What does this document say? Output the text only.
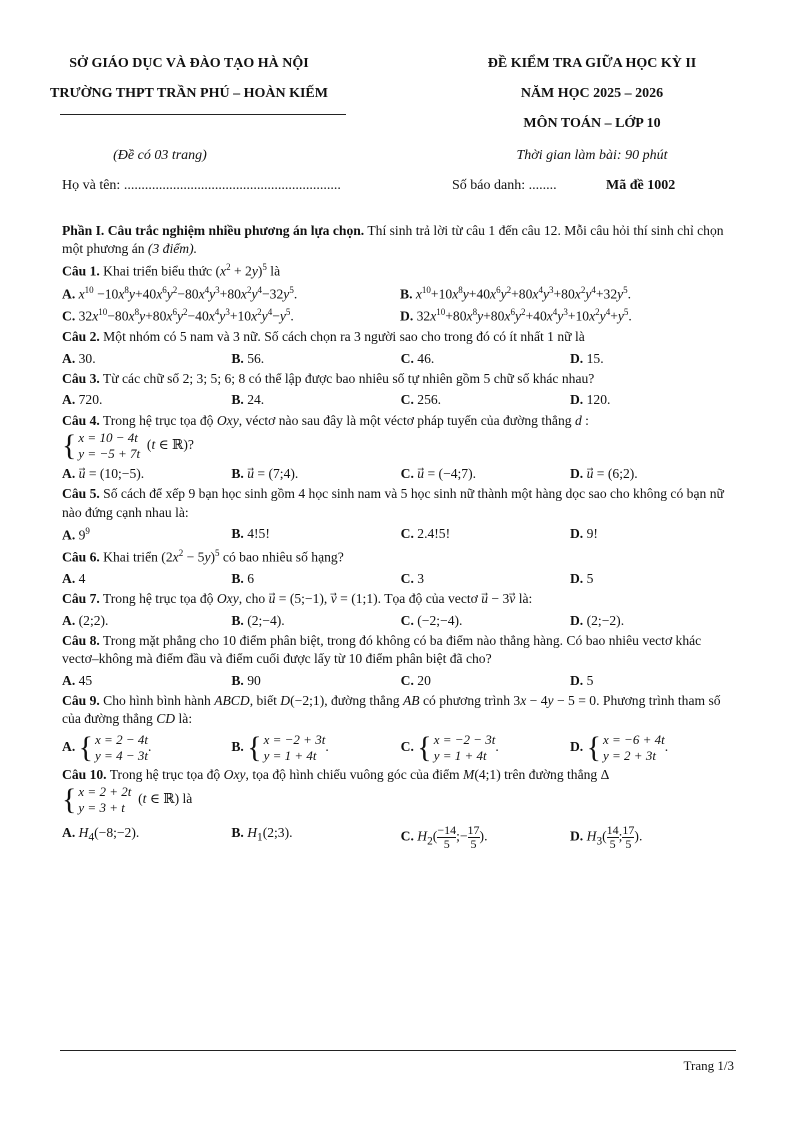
SỞ GIÁO DỤC VÀ ĐÀO TẠO HÀ NỘI
TRƯỜNG THPT TRẦN PHÚ – HOÀN KIẾM
ĐỀ KIỂM TRA GIỮA HỌC KỲ II
NĂM HỌC 2025 – 2026
MÔN TOÁN – LỚP 10
(Đề có 03 trang)	Thời gian làm bài: 90 phút
Họ và tên: ..............................................................	Số báo danh: ........	Mã đề 1002

Phần I. Câu trắc nghiệm nhiều phương án lựa chọn. Thí sinh trả lời từ câu 1 đến câu 12. Mỗi câu hỏi thí sinh chỉ chọn một phương án (3 điểm).

Câu 1. Khai triển biểu thức $(x^2 + 2y)^5$ là

A. $x^{10} -10x^8y+40x^6y^2-80x^4y^3+80x^2y^4-32y^5$.	B. $x^{10}+10x^8y+40x^6y^2+80x^4y^3+80x^2y^4+32y^5$.
C. $32x^{10}-80x^8y+80x^6y^2-40x^4y^3+10x^2y^4-y^5$.	D. $32x^{10}+80x^8y+80x^6y^2+40x^4y^3+10x^2y^4+y^5$.

Câu 2. Một nhóm có 5 nam và 3 nữ. Số cách chọn ra 3 người sao cho trong đó có ít nhất 1 nữ là

A. 30.	B. 56.	C. 46.	D. 15.

Câu 3. Từ các chữ số 2; 3; 5; 6; 8 có thể lập được bao nhiêu số tự nhiên gồm 5 chữ số khác nhau?

A. 720.	B. 24.	C. 256.	D. 120.

Câu 4. Trong hệ trục tọa độ Oxy, véctơ nào sau đây là một véctơ pháp tuyến của đường thẳng d :

{ x = 10 − 4t
y = −5 + 7t
(t ∈ ℝ)?
A. u⃗ = (10;−5).	B. u⃗ = (7;4).	C. u⃗ = (−4;7).	D. u⃗ = (6;2).

Câu 5. Số cách để xếp 9 bạn học sinh gồm 4 học sinh nam và 5 học sinh nữ thành một hàng dọc sao cho không có bạn nữ nào đứng cạnh nhau là:

A. $9^9$	B. 4!5!	C. 2.4!5!	D. 9!

Câu 6. Khai triển $(2x^2 - 5y)^5$ có bao nhiêu số hạng?

A. 4	B. 6	C. 3	D. 5

Câu 7. Trong hệ trục tọa độ Oxy, cho u⃗ = (5;−1), v⃗ = (1;1). Tọa độ của vectơ u⃗ − 3v⃗ là:

A. (2;2).	B. (2;−4).	C. (−2;−4).	D. (2;−2).

Câu 8. Trong mặt phẳng cho 10 điểm phân biệt, trong đó không có ba điểm nào thẳng hàng. Có bao nhiêu vectơ khác vectơ–không mà điểm đầu và điểm cuối được lấy từ 10 điểm phân biệt đã cho?

A. 45	B. 90	C. 20	D. 5

Câu 9. Cho hình bình hành ABCD, biết D(−2;1), đường thẳng AB có phương trình 3x − 4y − 5 = 0. Phương trình tham số của đường thẳng CD là:

A. { x = 2 − 4t
y = 4 − 3t
.	B. { x = −2 + 3t
y = 1 + 4t
.	C. { x = −2 − 3t
y = 1 + 4t
.	D. { x = −6 + 4t
y = 2 + 3t
.

Câu 10. Trong hệ trục tọa độ Oxy, tọa độ hình chiếu vuông góc của điểm M(4;1) trên đường thẳng Δ

{ x = 2 + 2t
y = 3 + t
(t ∈ ℝ) là
A. $H_4(-8;-2)$.	B. $H_1(2;3)$.	C. $H_2( \frac{-14}{5}$ ;− $\frac{17}{5}$ ).	D. $H_3( \frac{14}{5}$ ; $\frac{17}{5}$ ).
Trang 1/3
